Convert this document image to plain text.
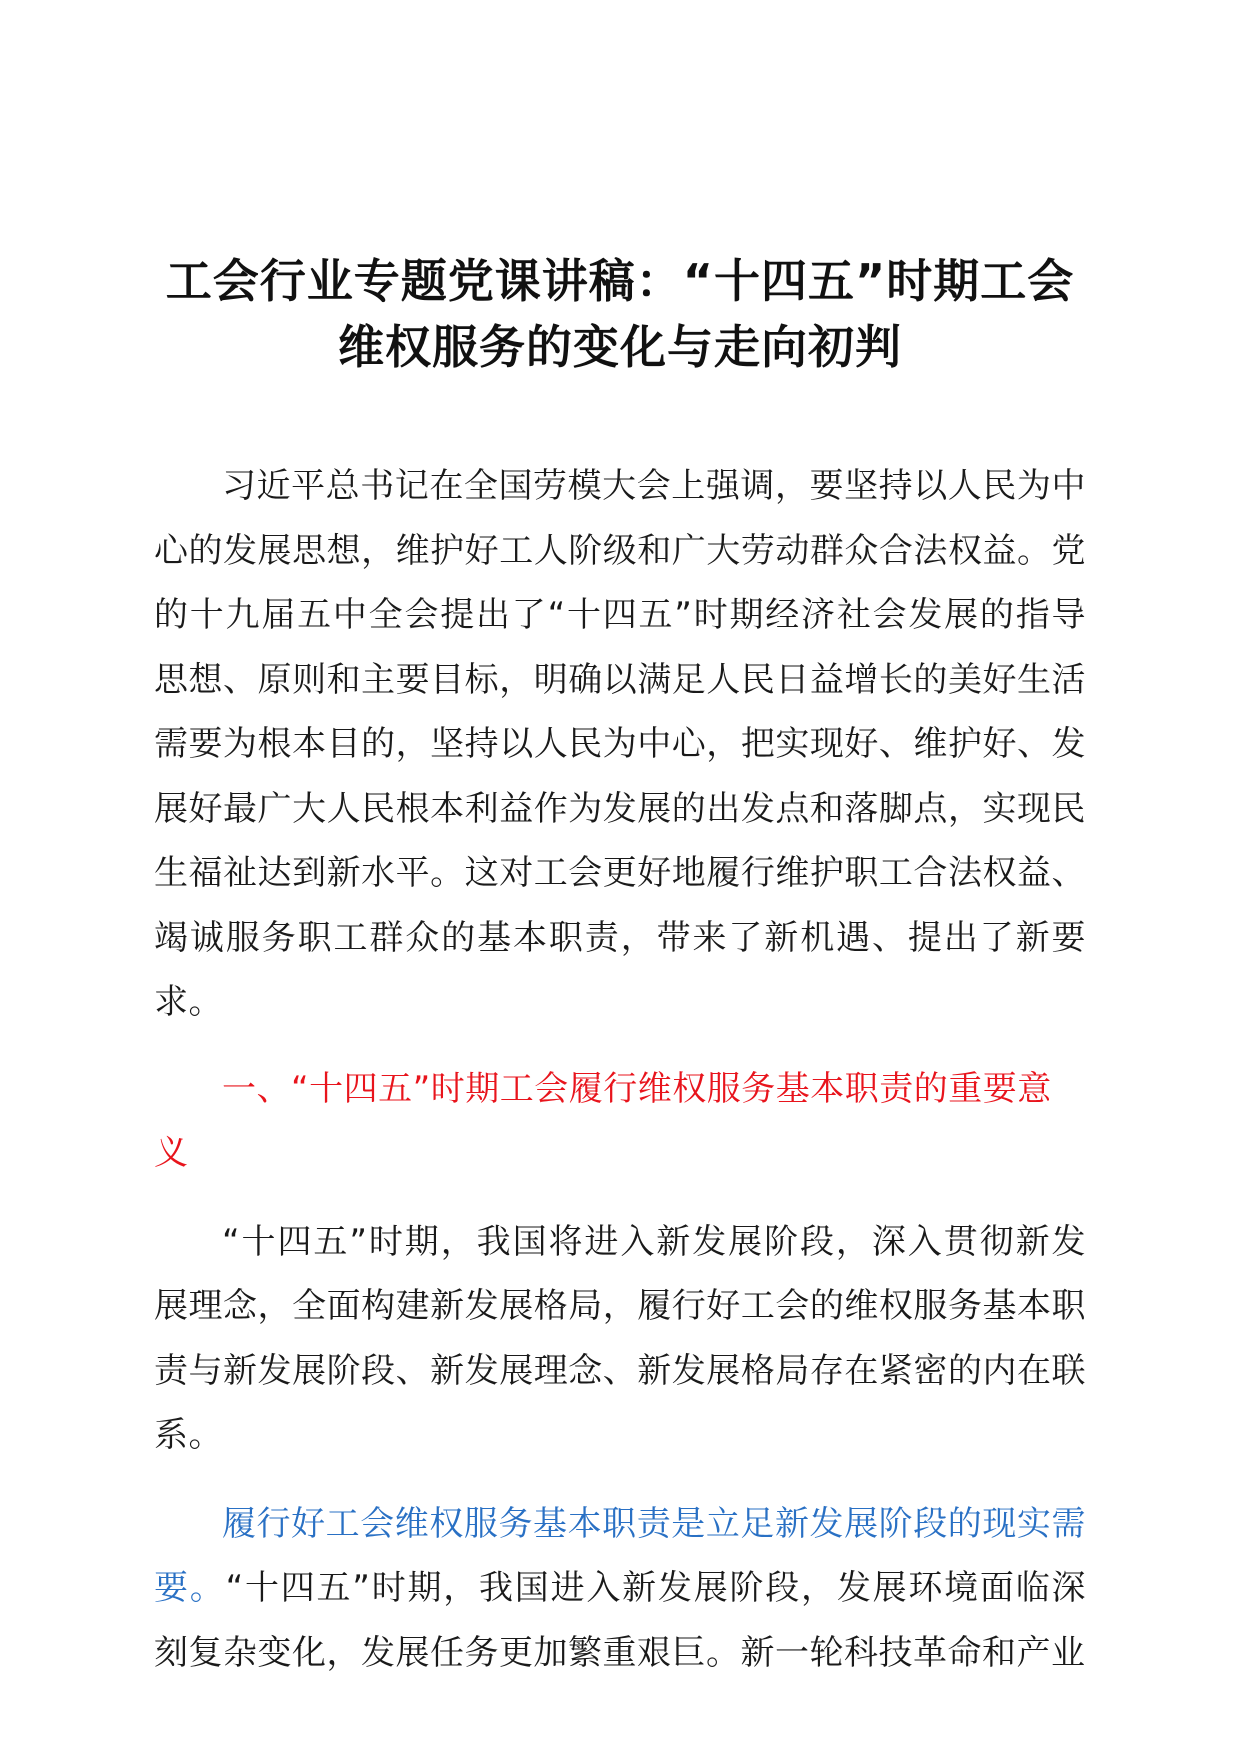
工会行业专题党课讲稿：“十四五”时期工会
维权服务的变化与走向初判

习近平总书记在全国劳模大会上强调，要坚持以人民为中心的发展思想，维护好工人阶级和广大劳动群众合法权益。党的十九届五中全会提出了“十四五”时期经济社会发展的指导思想、原则和主要目标，明确以满足人民日益增长的美好生活需要为根本目的，坚持以人民为中心，把实现好、维护好、发展好最广大人民根本利益作为发展的出发点和落脚点，实现民生福祉达到新水平。这对工会更好地履行维护职工合法权益、竭诚服务职工群众的基本职责，带来了新机遇、提出了新要求。

一、“十四五”时期工会履行维权服务基本职责的重要意义

“十四五”时期，我国将进入新发展阶段，深入贯彻新发展理念，全面构建新发展格局，履行好工会的维权服务基本职责与新发展阶段、新发展理念、新发展格局存在紧密的内在联系。

履行好工会维权服务基本职责是立足新发展阶段的现实需要。“十四五”时期，我国进入新发展阶段，发展环境面临深刻复杂变化，发展任务更加繁重艰巨。新一轮科技革命和产业
